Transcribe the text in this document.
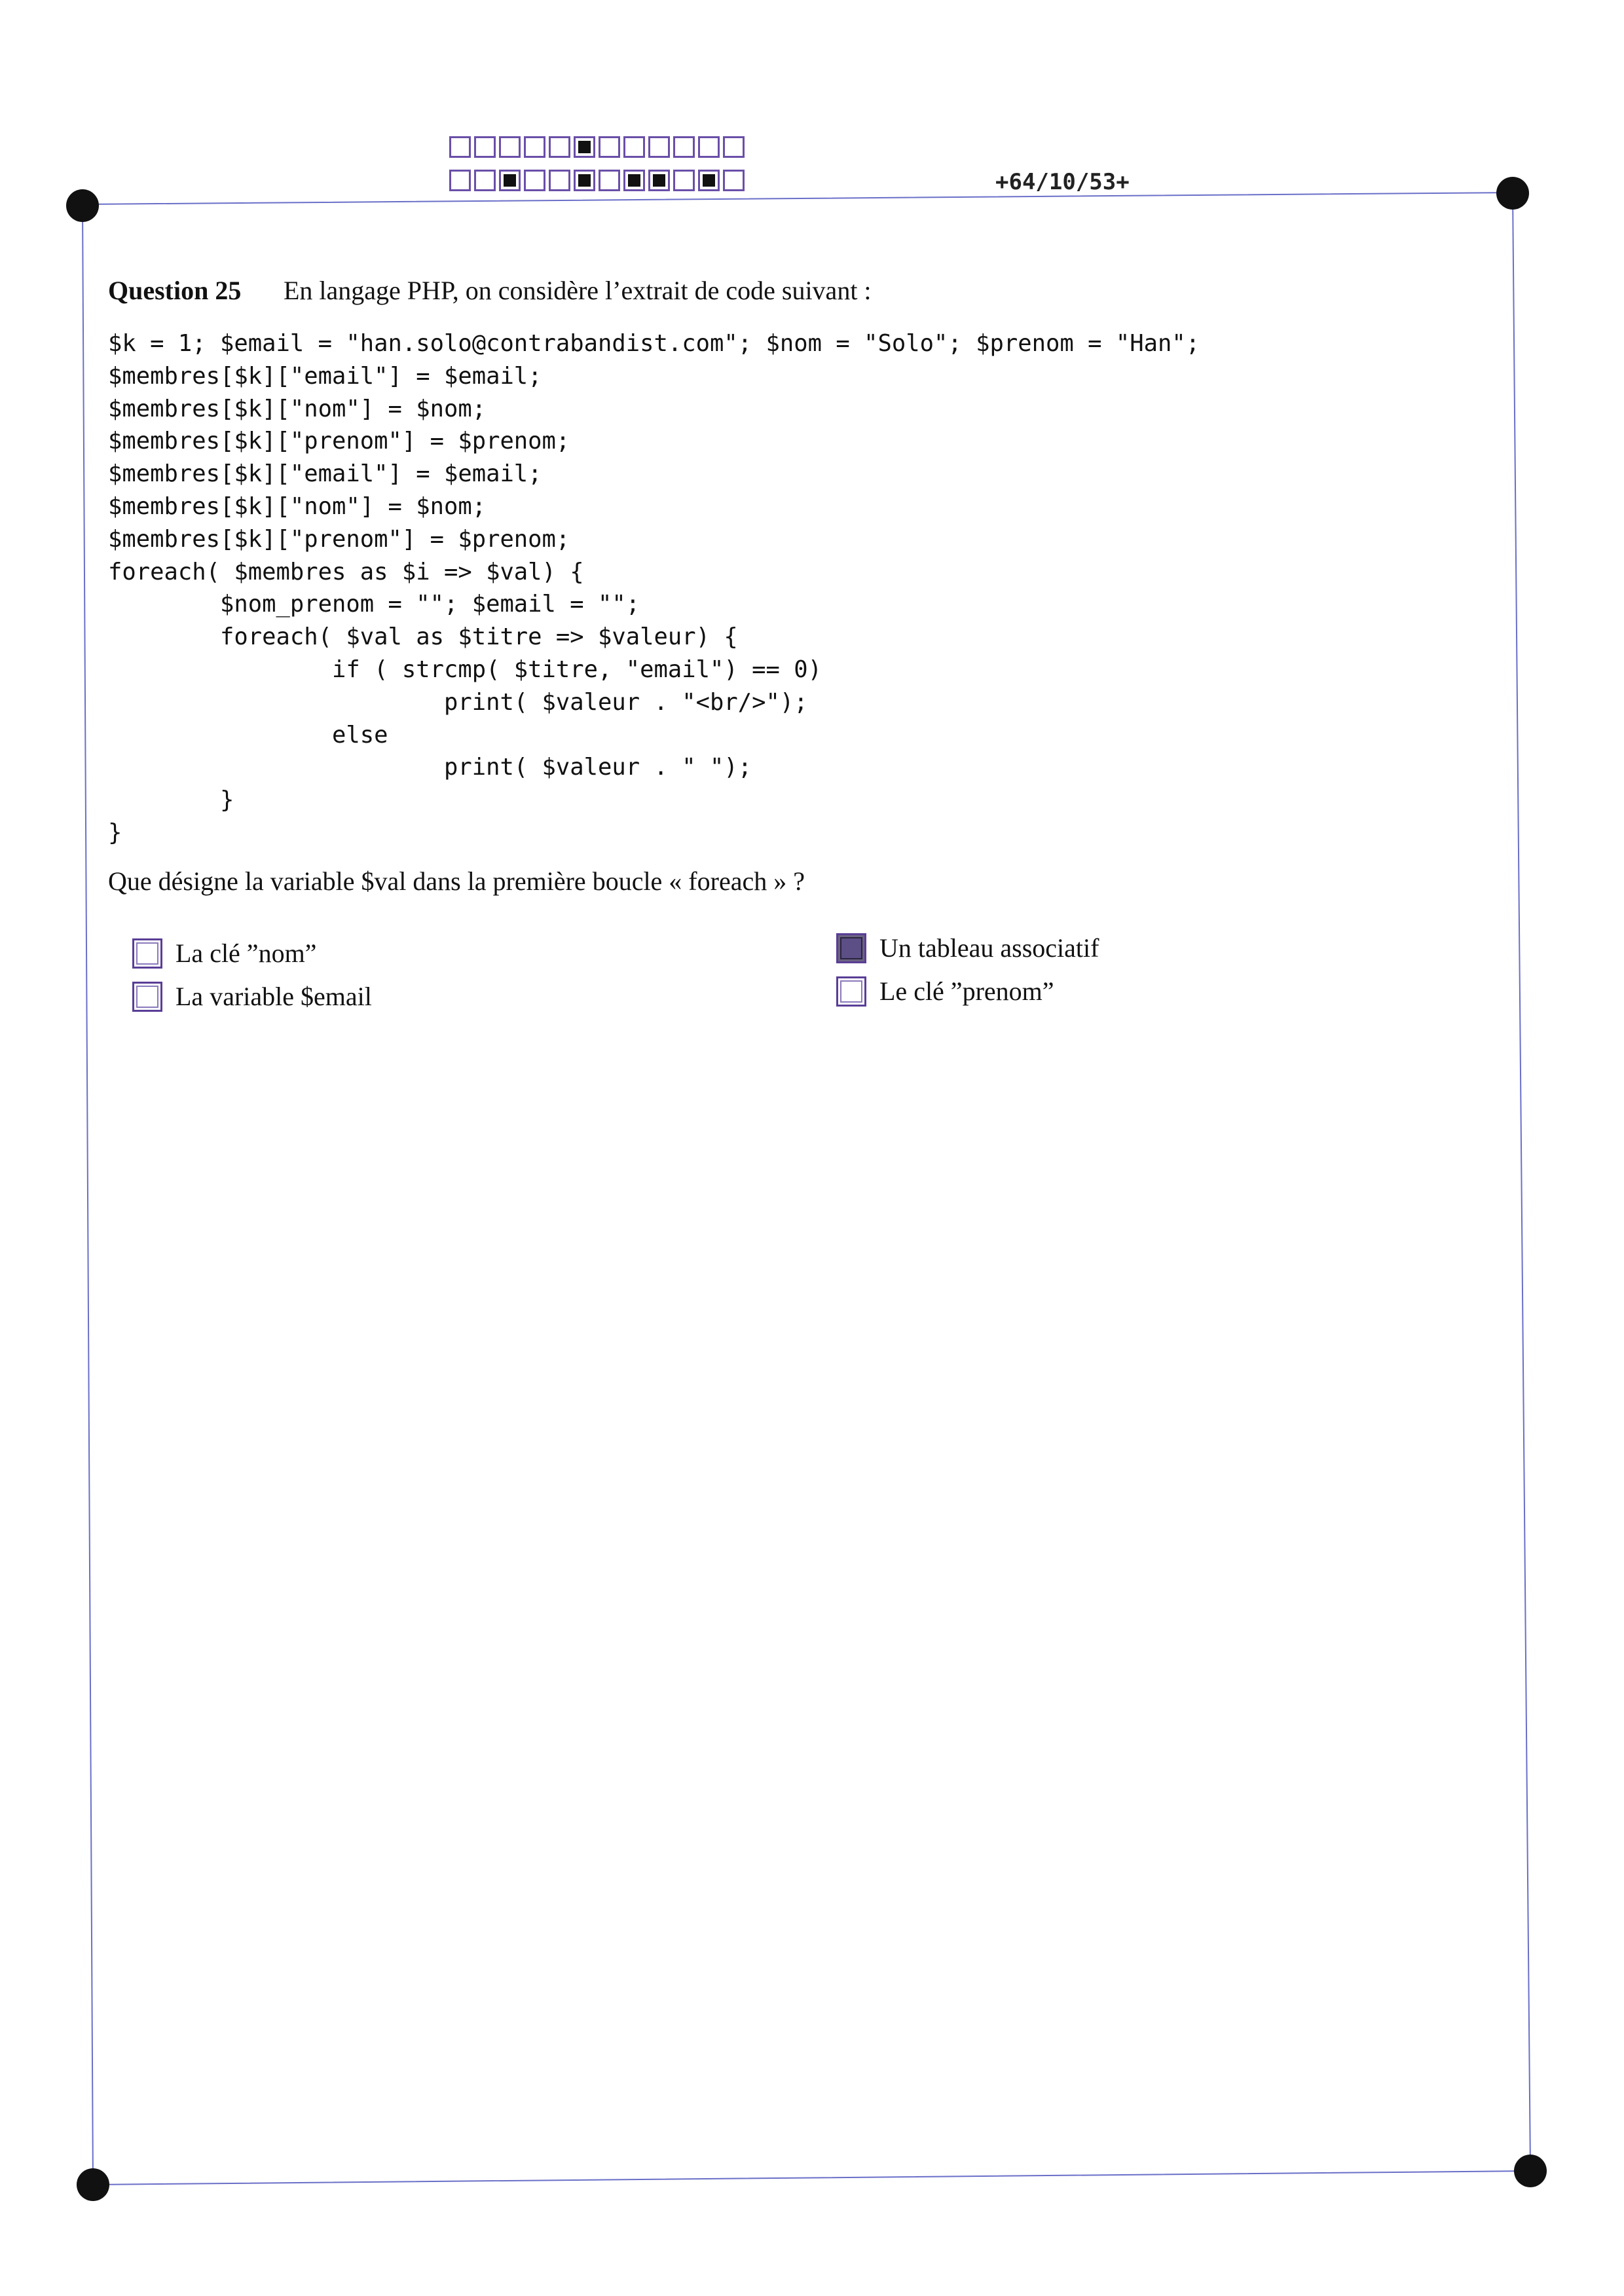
+64/10/53+
Question 25 En langage PHP, on considère l’extrait de code suivant :
$k = 1; $email = "han.solo@contrabandist.com"; $nom = "Solo"; $prenom = "Han";
$membres[$k]["email"] = $email;
$membres[$k]["nom"] = $nom;
$membres[$k]["prenom"] = $prenom;
$membres[$k]["email"] = $email;
$membres[$k]["nom"] = $nom;
$membres[$k]["prenom"] = $prenom;
foreach( $membres as $i => $val) {
$nom_prenom = ""; $email = "";
foreach( $val as $titre => $valeur) {
if ( strcmp( $titre, "email") == 0)
print( $valeur . "<br/>");
else
print( $valeur . " ");
}
}
Que désigne la variable $val dans la première boucle « foreach » ?
La clé ”nom”
La variable $email
Un tableau associatif
Le clé ”prenom”
